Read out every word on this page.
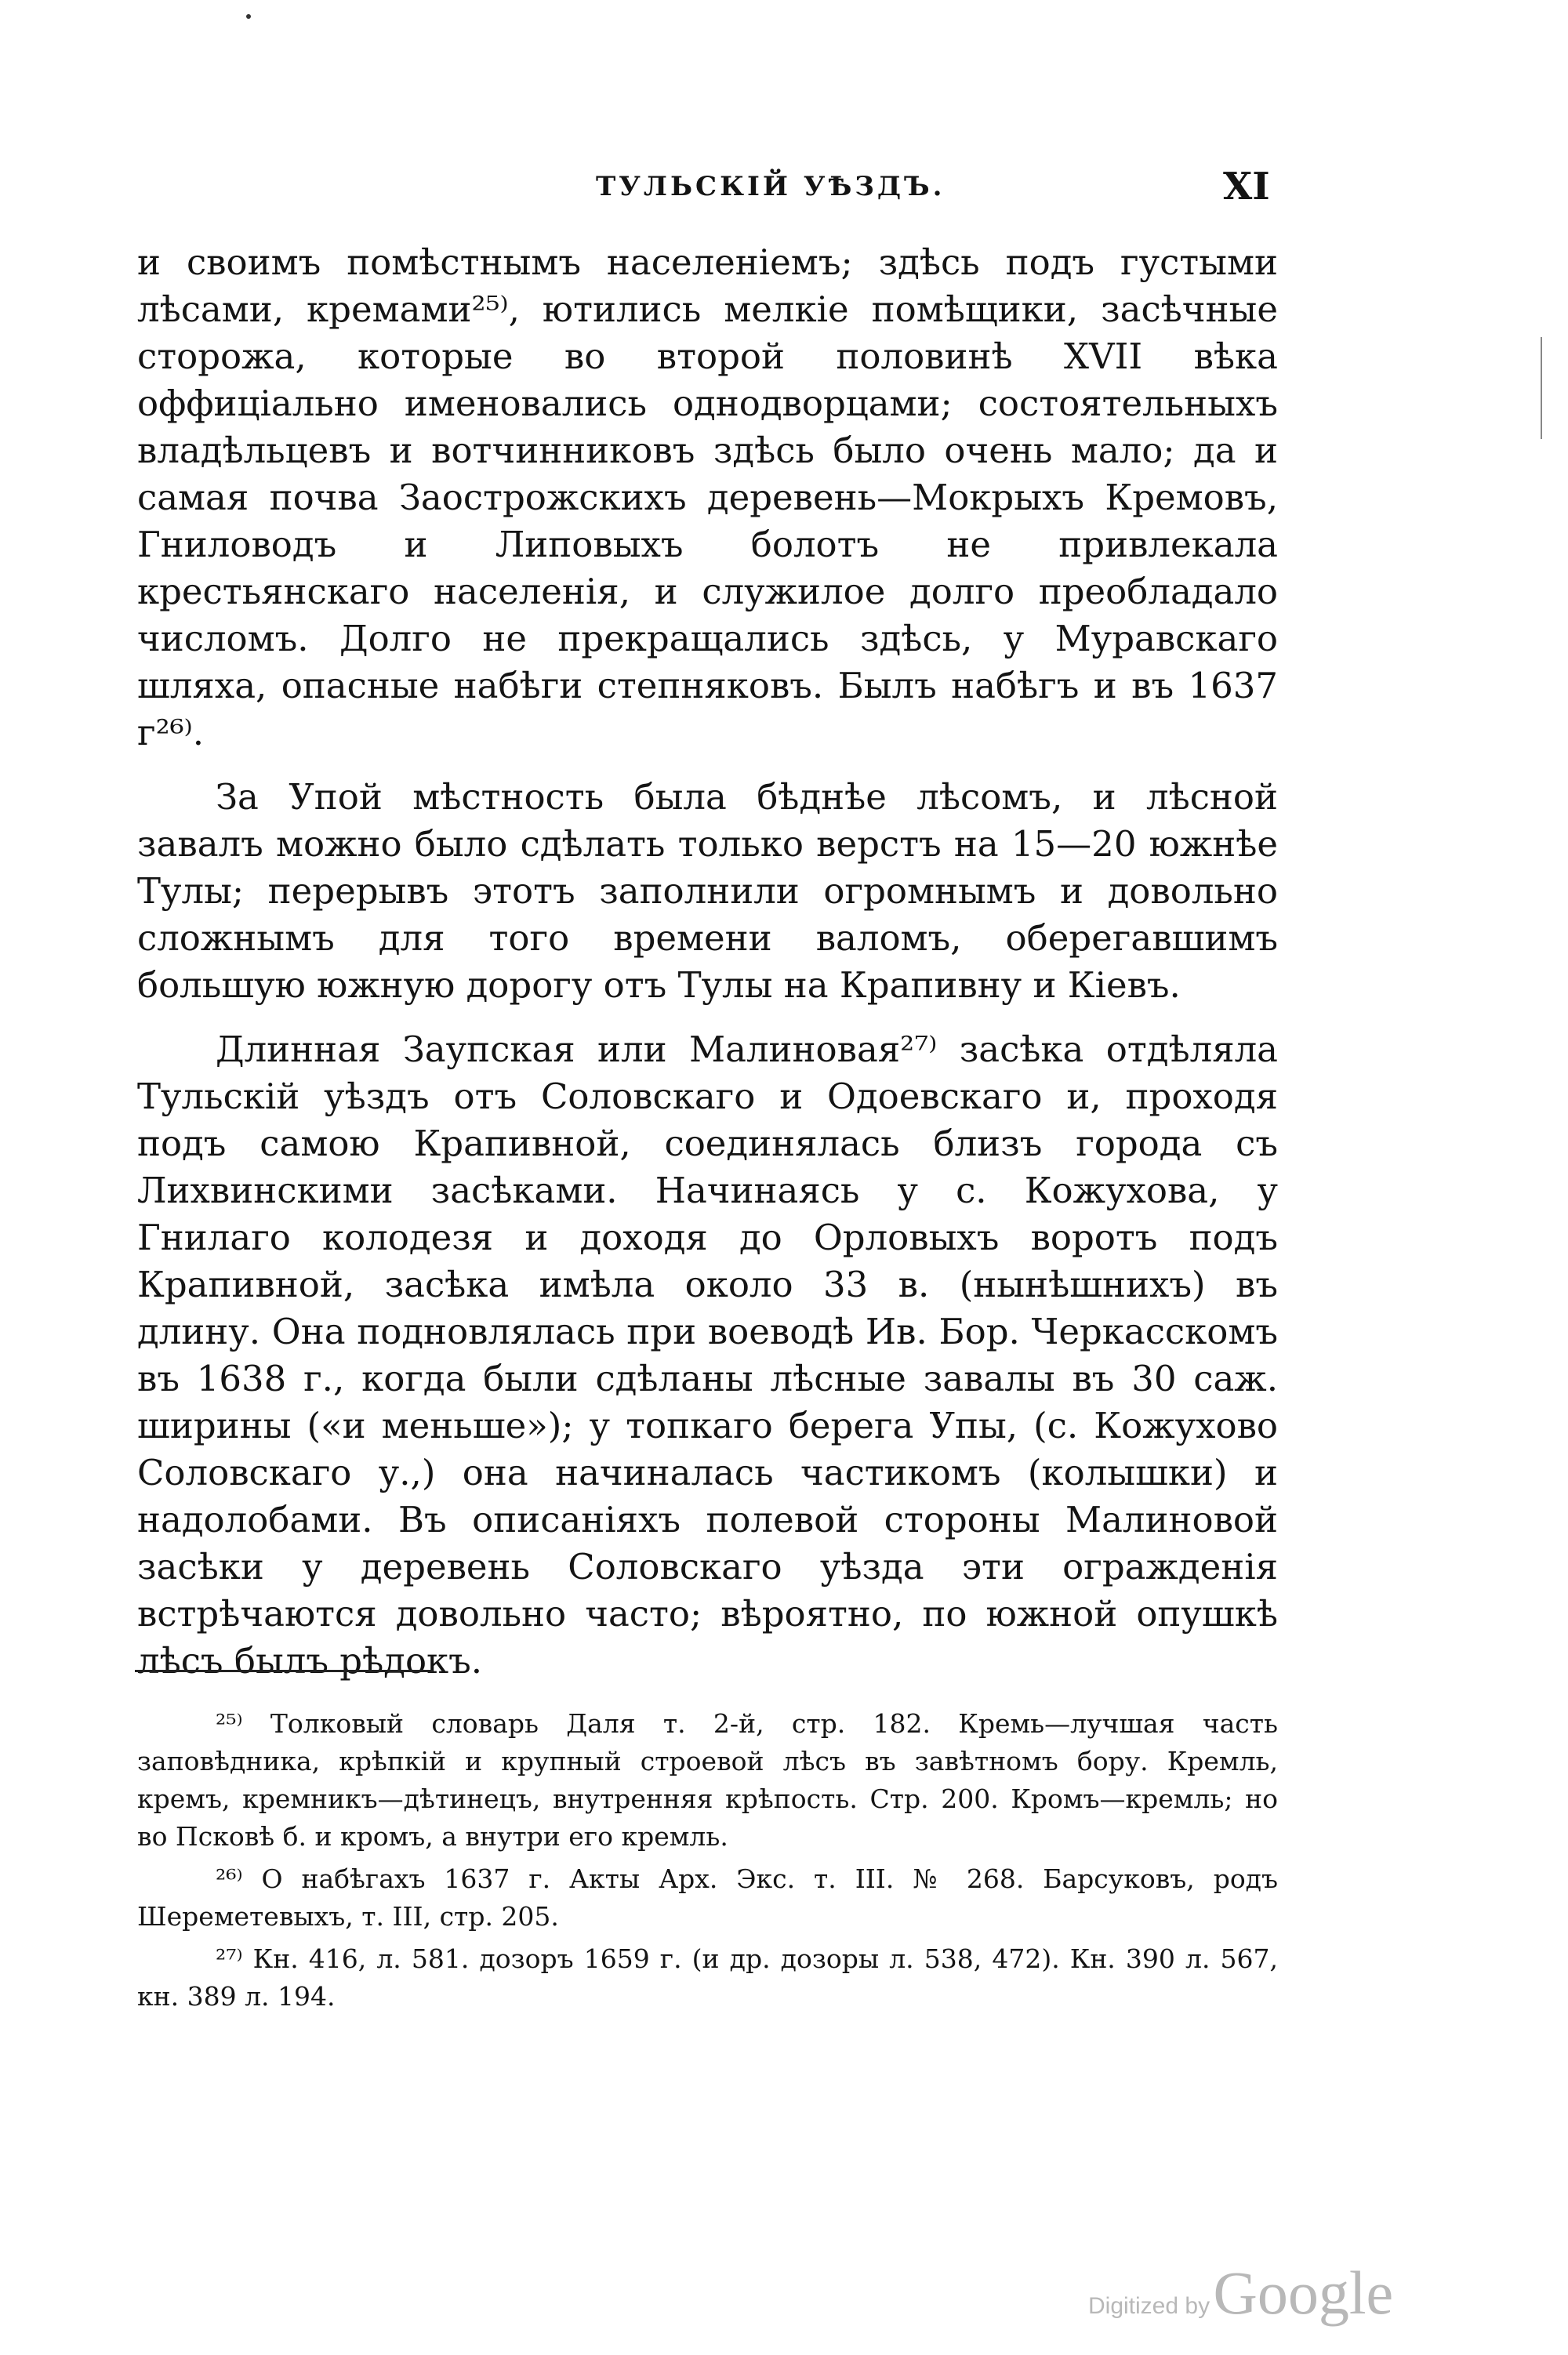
ТУЛЬСКIЙ УѢЗДЪ.	XI

и своимъ помѣстнымъ населенiемъ; здѣсь подъ густыми лѣсами, кремами²⁵⁾, ютились мелкiе помѣщики, засѣчные сторожа, которые во второй половинѣ XVII вѣка оффицiально именовались однодворцами; состоятельныхъ владѣльцевъ и вотчинниковъ здѣсь было очень мало; да и самая почва Заострожскихъ деревень—Мокрыхъ Кремовъ, Гниловодъ и Липовыхъ болотъ не привлекала крестьянскаго населенiя, и служилое долго преобладало числомъ. Долго не прекращались здѣсь, у Муравскаго шляха, опасные набѣги степняковъ. Былъ набѣгъ и въ 1637 г²⁶⁾.

За Упой мѣстность была бѣднѣе лѣсомъ, и лѣсной завалъ можно было сдѣлать только верстъ на 15—20 южнѣе Тулы; перерывъ этотъ заполнили огромнымъ и довольно сложнымъ для того времени валомъ, оберегавшимъ большую южную дорогу отъ Тулы на Крапивну и Кiевъ.

Длинная Заупская или Малиновая²⁷⁾ засѣка отдѣляла Тульскiй уѣздъ отъ Соловскаго и Одоевскаго и, проходя подъ самою Крапивной, соединялась близъ города съ Лихвинскими засѣками. Начинаясь у с. Кожухова, у Гнилаго колодезя и доходя до Орловыхъ воротъ подъ Крапивной, засѣка имѣла около 33 в. (нынѣшнихъ) въ длину. Она подновлялась при воеводѣ Ив. Бор. Черкасскомъ въ 1638 г., когда были сдѣланы лѣсные завалы въ 30 саж. ширины («и меньше»); у топкаго берега Упы, (с. Кожухово Соловскаго у.,) она начиналась частикомъ (колышки) и надолобами. Въ описанiяхъ полевой стороны Малиновой засѣки у деревень Соловскаго уѣзда эти огражденiя встрѣчаются довольно часто; вѣроятно, по южной опушкѣ лѣсъ былъ рѣдокъ.

²⁵⁾ Толковый словарь Даля т. 2-й, стр. 182. Кремь—лучшая часть заповѣдника, крѣпкiй и крупный строевой лѣсъ въ завѣтномъ бору. Кремль, кремъ, кремникъ—дѣтинецъ, внутренняя крѣпость. Стр. 200. Кромъ—кремль; но во Псковѣ б. и кромъ, а внутри его кремль.

²⁶⁾ О набѣгахъ 1637 г. Акты Арх. Экс. т. III. № 268. Барсуковъ, родъ Шереметевыхъ, т. III, стр. 205.

²⁷⁾ Кн. 416, л. 581. дозоръ 1659 г. (и др. дозоры л. 538, 472). Кн. 390 л. 567, кн. 389 л. 194.

Digitized by Google
